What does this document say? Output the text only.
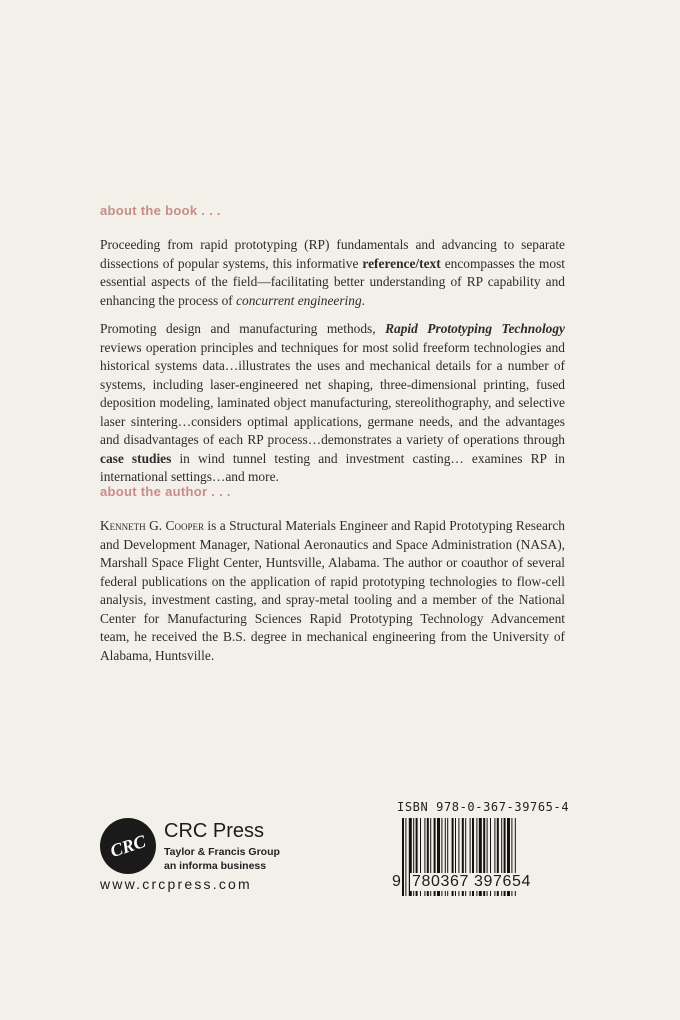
about the book . . .

Proceeding from rapid prototyping (RP) fundamentals and advancing to separate dissections of popular systems, this informative reference/text encompasses the most essential aspects of the field—facilitating better understanding of RP capability and enhancing the process of concurrent engineering.

Promoting design and manufacturing methods, Rapid Prototyping Technology reviews operation principles and techniques for most solid freeform technologies and historical systems data…illustrates the uses and mechanical details for a number of systems, including laser-engineered net shaping, three-dimensional printing, fused deposition modeling, laminated object manufacturing, stereolithography, and selective laser sintering…considers optimal applications, germane needs, and the advantages and disadvantages of each RP process…demonstrates a variety of operations through case studies in wind tunnel testing and investment casting… examines RP in international settings…and more.

about the author . . .

Kenneth G. Cooper is a Structural Materials Engineer and Rapid Prototyping Research and Development Manager, National Aeronautics and Space Administration (NASA), Marshall Space Flight Center, Huntsville, Alabama. The author or coauthor of several federal publications on the application of rapid prototyping technologies to flow-cell analysis, investment casting, and spray-metal tooling and a member of the National Center for Manufacturing Sciences Rapid Prototyping Technology Advancement team, he received the B.S. degree in mechanical engineering from the University of Alabama, Huntsville.

CRC CRC Press
Taylor & Francis Group
an informa business
www.crcpress.com
ISBN 978-0-367-39765-4
9 780367 397654
